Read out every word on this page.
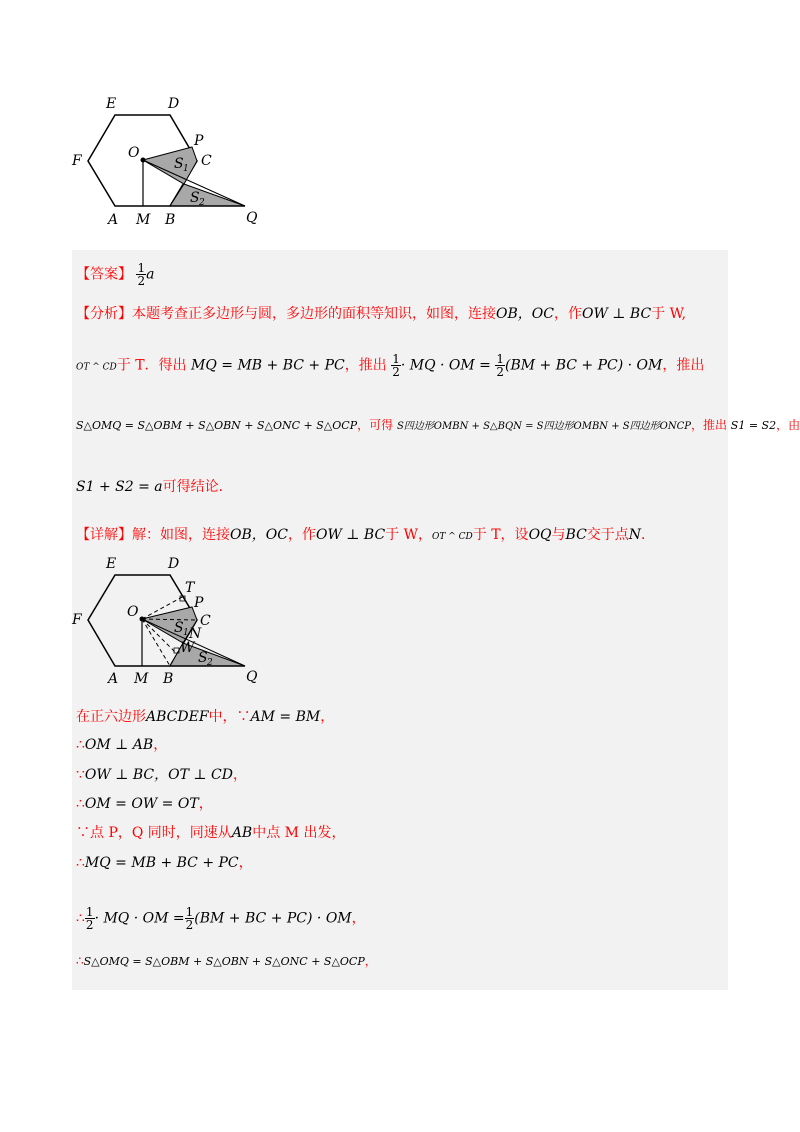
E	D
F	O
P
C
S 1
S 2
A M B	Q
【答案】 $\frac{1}{2}$ a
【分析】本题考查正多边形与圆，多边形的面积等知识，如图，连接OB，OC，作OW ⊥ BC于 W,
OT ^ CD于 T．得出 MQ = MB + BC + PC，推出 $\frac{1}{2}$ · MQ · OM = $\frac{1}{2} (BM$ + BC + PC) · OM，推出
S△OMQ = S△OBM + S△OBN + S△ONC + S△OCP，可得 S四边形OMBN + S△BQN = S四边形OMBN + S四边形ONCP，推出 S1 = S2，由
S1 + S2 = a可得结论．
【详解】解：如图，连接OB，OC，作OW ⊥ BC于 W，OT ^ CD于 T，设OQ与BC交于点N．
E	D
F	O
T
P
C
S 1 N
W
S 2
A M B	Q
在正六边形ABCDEF中，∵AM = BM，
∴OM ⊥ AB，
∵OW ⊥ BC，OT ⊥ CD，
∴OM = OW = OT，
∵点 P，Q 同时，同速从AB中点 M 出发，
∴MQ = MB + BC + PC，
∴ $\frac{1}{2}$ · MQ · OM = $\frac{1}{2} (BM$ + BC + PC) · OM，
∴S△OMQ = S△OBM + S△OBN + S△ONC + S△OCP，
